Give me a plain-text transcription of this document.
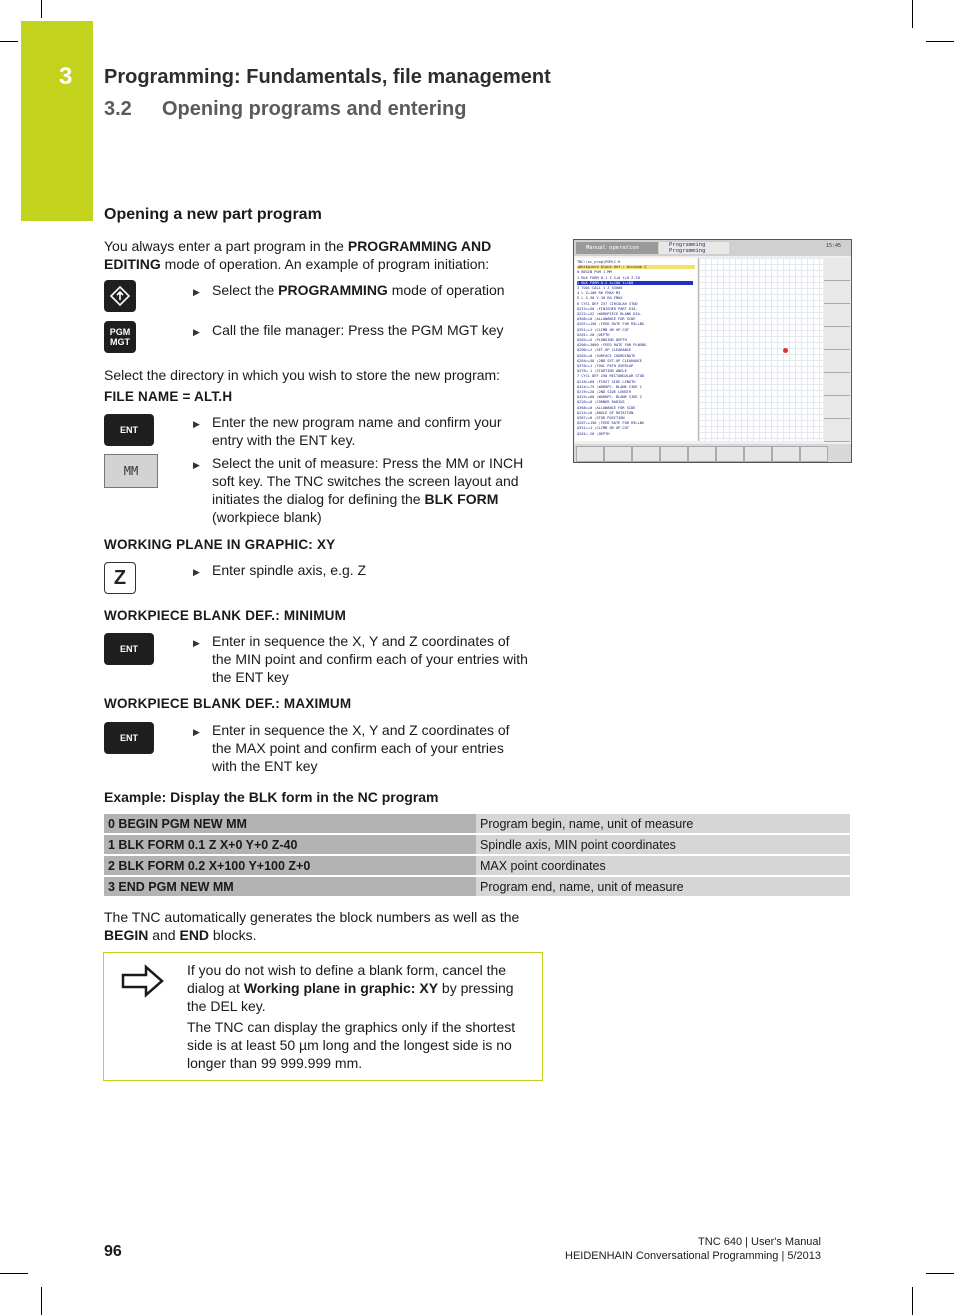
3 Programming: Fundamentals, file management
3.2 Opening programs and entering
Opening a new part program
You always enter a part program in the PROGRAMMING AND EDITING mode of operation. An example of program initiation:
▶ Select the PROGRAMMING mode of operation
PGM
MGT
▶ Call the file manager: Press the PGM MGT key
Select the directory in which you wish to store the new program:
FILE NAME = ALT.H
ENT	▶ Enter the new program name and confirm your entry with the ENT key.
MM	▶ Select the unit of measure: Press the MM or INCH soft key. The TNC switches the screen layout and initiates the dialog for defining the BLK FORM (workpiece blank)
WORKING PLANE IN GRAPHIC: XY
Z	▶ Enter spindle axis, e.g. Z
WORKPIECE BLANK DEF.: MINIMUM
ENT	▶ Enter in sequence the X, Y and Z coordinates of the MIN point and confirm each of your entries with the ENT key
WORKPIECE BLANK DEF.: MAXIMUM
ENT	▶ Enter in sequence the X, Y and Z coordinates of the MAX point and confirm each of your entries with the ENT key
Example: Display the BLK form in the NC program
0 BEGIN PGM NEW MM	Program begin, name, unit of measure
1 BLK FORM 0.1 Z X+0 Y+0 Z-40	Spindle axis, MIN point coordinates
2 BLK FORM 0.2 X+100 Y+100 Z+0	MAX point coordinates
3 END PGM NEW MM	Program end, name, unit of measure
The TNC automatically generates the block numbers as well as the BEGIN and END blocks.
If you do not wish to define a blank form, cancel the dialog at Working plane in graphic: XY by pressing the DEL key.
The TNC can display the graphics only if the shortest side is at least 50 µm long and the longest side is no longer than 99 999.999 mm.
Manual operation	Programming
Programming
15:45
TNC:\nc_prog\PGM\1.H
+Workpiece blank def.: minimum Z
0 BEGIN PGM 1 MM
1 BLK FORM 0.1 Z X+0 Y+0 Z-20
2 BLK FORM 0.2 X+100 Y+100
3 TOOL CALL 1 Z S5000
4 L Z+100 R0 FMAX M3
5 L X-30 Y-30 R0 FMAX
6 CYCL DEF 257 CIRCULAR STUD
Q223=+50 ;FINISHED PART DIA.
Q222=+52 ;WORKPIECE BLANK DIA.
Q368=+0 ;ALLOWANCE FOR SIDE
Q207=+150 ;FEED RATE FOR MILLNG
Q351=+1 ;CLIMB OR UP-CUT
Q201=-20 ;DEPTH
Q202=+5 ;PLUNGING DEPTH
Q206=+3000 ;FEED RATE FOR PLNGNG
Q200=+2 ;SET-UP CLEARANCE
Q203=+0 ;SURFACE COORDINATE
Q204=+50 ;2ND SET-UP CLEARANCE
Q370=+1 ;TOOL PATH OVERLAP
Q376=-1 ;STARTING ANGLE
7 CYCL DEF 256 RECTANGULAR STUD
Q218=+60 ;FIRST SIDE LENGTH
Q424=+75 ;WORKPC. BLANK SIDE 1
Q219=+20 ;2ND SIDE LENGTH
Q425=+60 ;WORKPC. BLANK SIDE 2
Q220=+0 ;CORNER RADIUS
Q368=+0 ;ALLOWANCE FOR SIDE
Q224=+0 ;ANGLE OF ROTATION
Q367=+0 ;STUD POSITION
Q207=+150 ;FEED RATE FOR MILLNG
Q351=+1 ;CLIMB OR UP-CUT
Q201=-20 ;DEPTH
96
TNC 640 | User's Manual
HEIDENHAIN Conversational Programming | 5/2013
